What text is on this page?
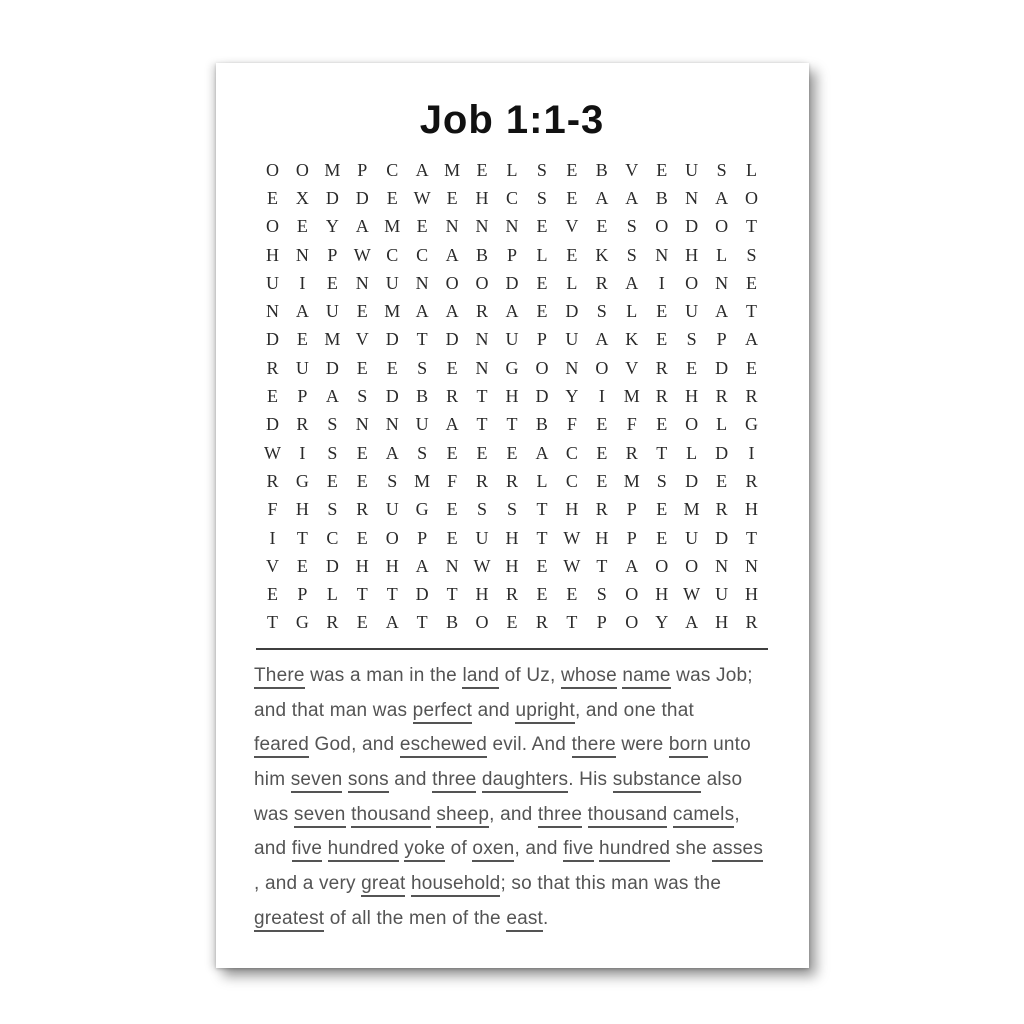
Job 1:1-3
O O M P	C A M E	L	S	E	B V E U	S	L
E X D D E W E H C	S	E A A B N A O
O E Y A M E N N N E V E	S	O D O T
H N	P W C C A B	P	L	E K	S	N H L	S
U	I	E N U N O O D E	L	R A	I	O N E
N A U E M A A R A E D	S	L	E U A T
D E M V D T D N U	P	U A K E	S	P	A
R U D E	E	S	E N G O N O V R	E D E
E	P	A	S	D B R	T H D Y	I	M R H R R
D R	S	N N U A T	T	B	F	E	F	E O L G
W	I	S	E A	S	E	E	E A C	E	R	T	L D	I
R G E	E	S M F	R R	L	C	E M S	D E	R
F	H	S	R U G E	S	S	T H R	P	E M R H
I	T	C	E O	P	E U H T W H	P	E U D T
V E D H H A N W H E W T A O O N N
E	P	L	T	T D T H R	E	E	S	O H W U H
T G R	E A T	B O E	R	T	P	O Y A H R
There was a man in the land of Uz, whose name was Job;
and that man was perfect and upright, and one that
feared God, and eschewed evil. And there were born unto
him seven sons and three daughters. His substance also
was seven thousand sheep, and three thousand camels,
and five hundred yoke of oxen, and five hundred she asses
, and a very great household; so that this man was the
greatest of all the men of the east.
